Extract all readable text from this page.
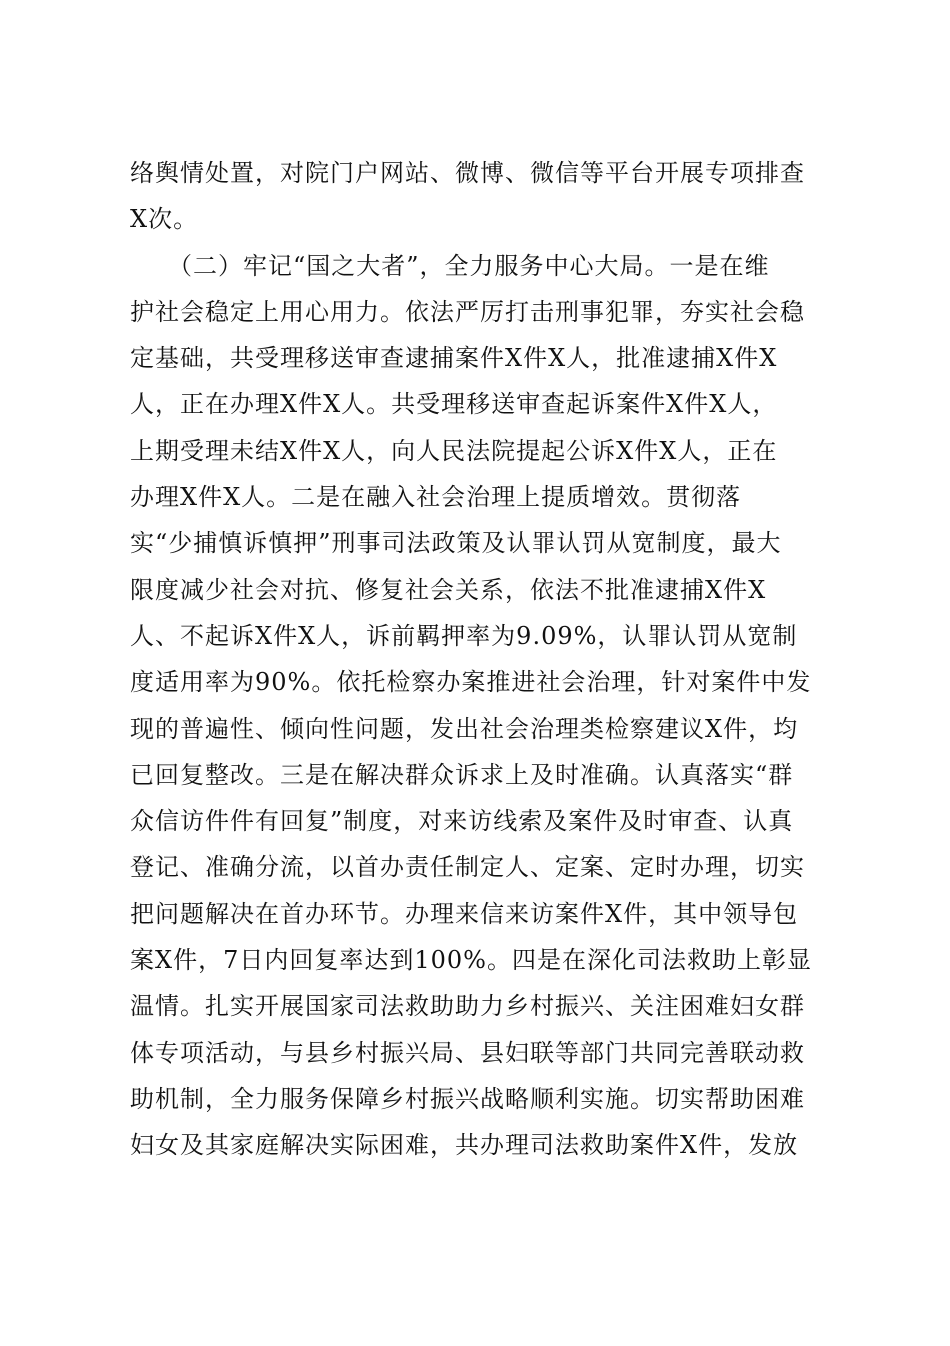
络舆情处置，对院门户网站、微博、微信等平台开展专项排查
X次。
　　（二）牢记“国之大者”，全力服务中心大局。一是在维
护社会稳定上用心用力。依法严厉打击刑事犯罪，夯实社会稳
定基础，共受理移送审查逮捕案件X件X人，批准逮捕X件X
人，正在办理X件X人。共受理移送审查起诉案件X件X人，
上期受理未结X件X人，向人民法院提起公诉X件X人，正在
办理X件X人。二是在融入社会治理上提质增效。贯彻落
实“少捕慎诉慎押”刑事司法政策及认罪认罚从宽制度，最大
限度减少社会对抗、修复社会关系，依法不批准逮捕X件X
人、不起诉X件X人，诉前羁押率为9.09%，认罪认罚从宽制
度适用率为90%。依托检察办案推进社会治理，针对案件中发
现的普遍性、倾向性问题，发出社会治理类检察建议X件，均
已回复整改。三是在解决群众诉求上及时准确。认真落实“群
众信访件件有回复”制度，对来访线索及案件及时审查、认真
登记、准确分流，以首办责任制定人、定案、定时办理，切实
把问题解决在首办环节。办理来信来访案件X件，其中领导包
案X件，7日内回复率达到100%。四是在深化司法救助上彰显
温情。扎实开展国家司法救助助力乡村振兴、关注困难妇女群
体专项活动，与县乡村振兴局、县妇联等部门共同完善联动救
助机制，全力服务保障乡村振兴战略顺利实施。切实帮助困难
妇女及其家庭解决实际困难，共办理司法救助案件X件，发放
